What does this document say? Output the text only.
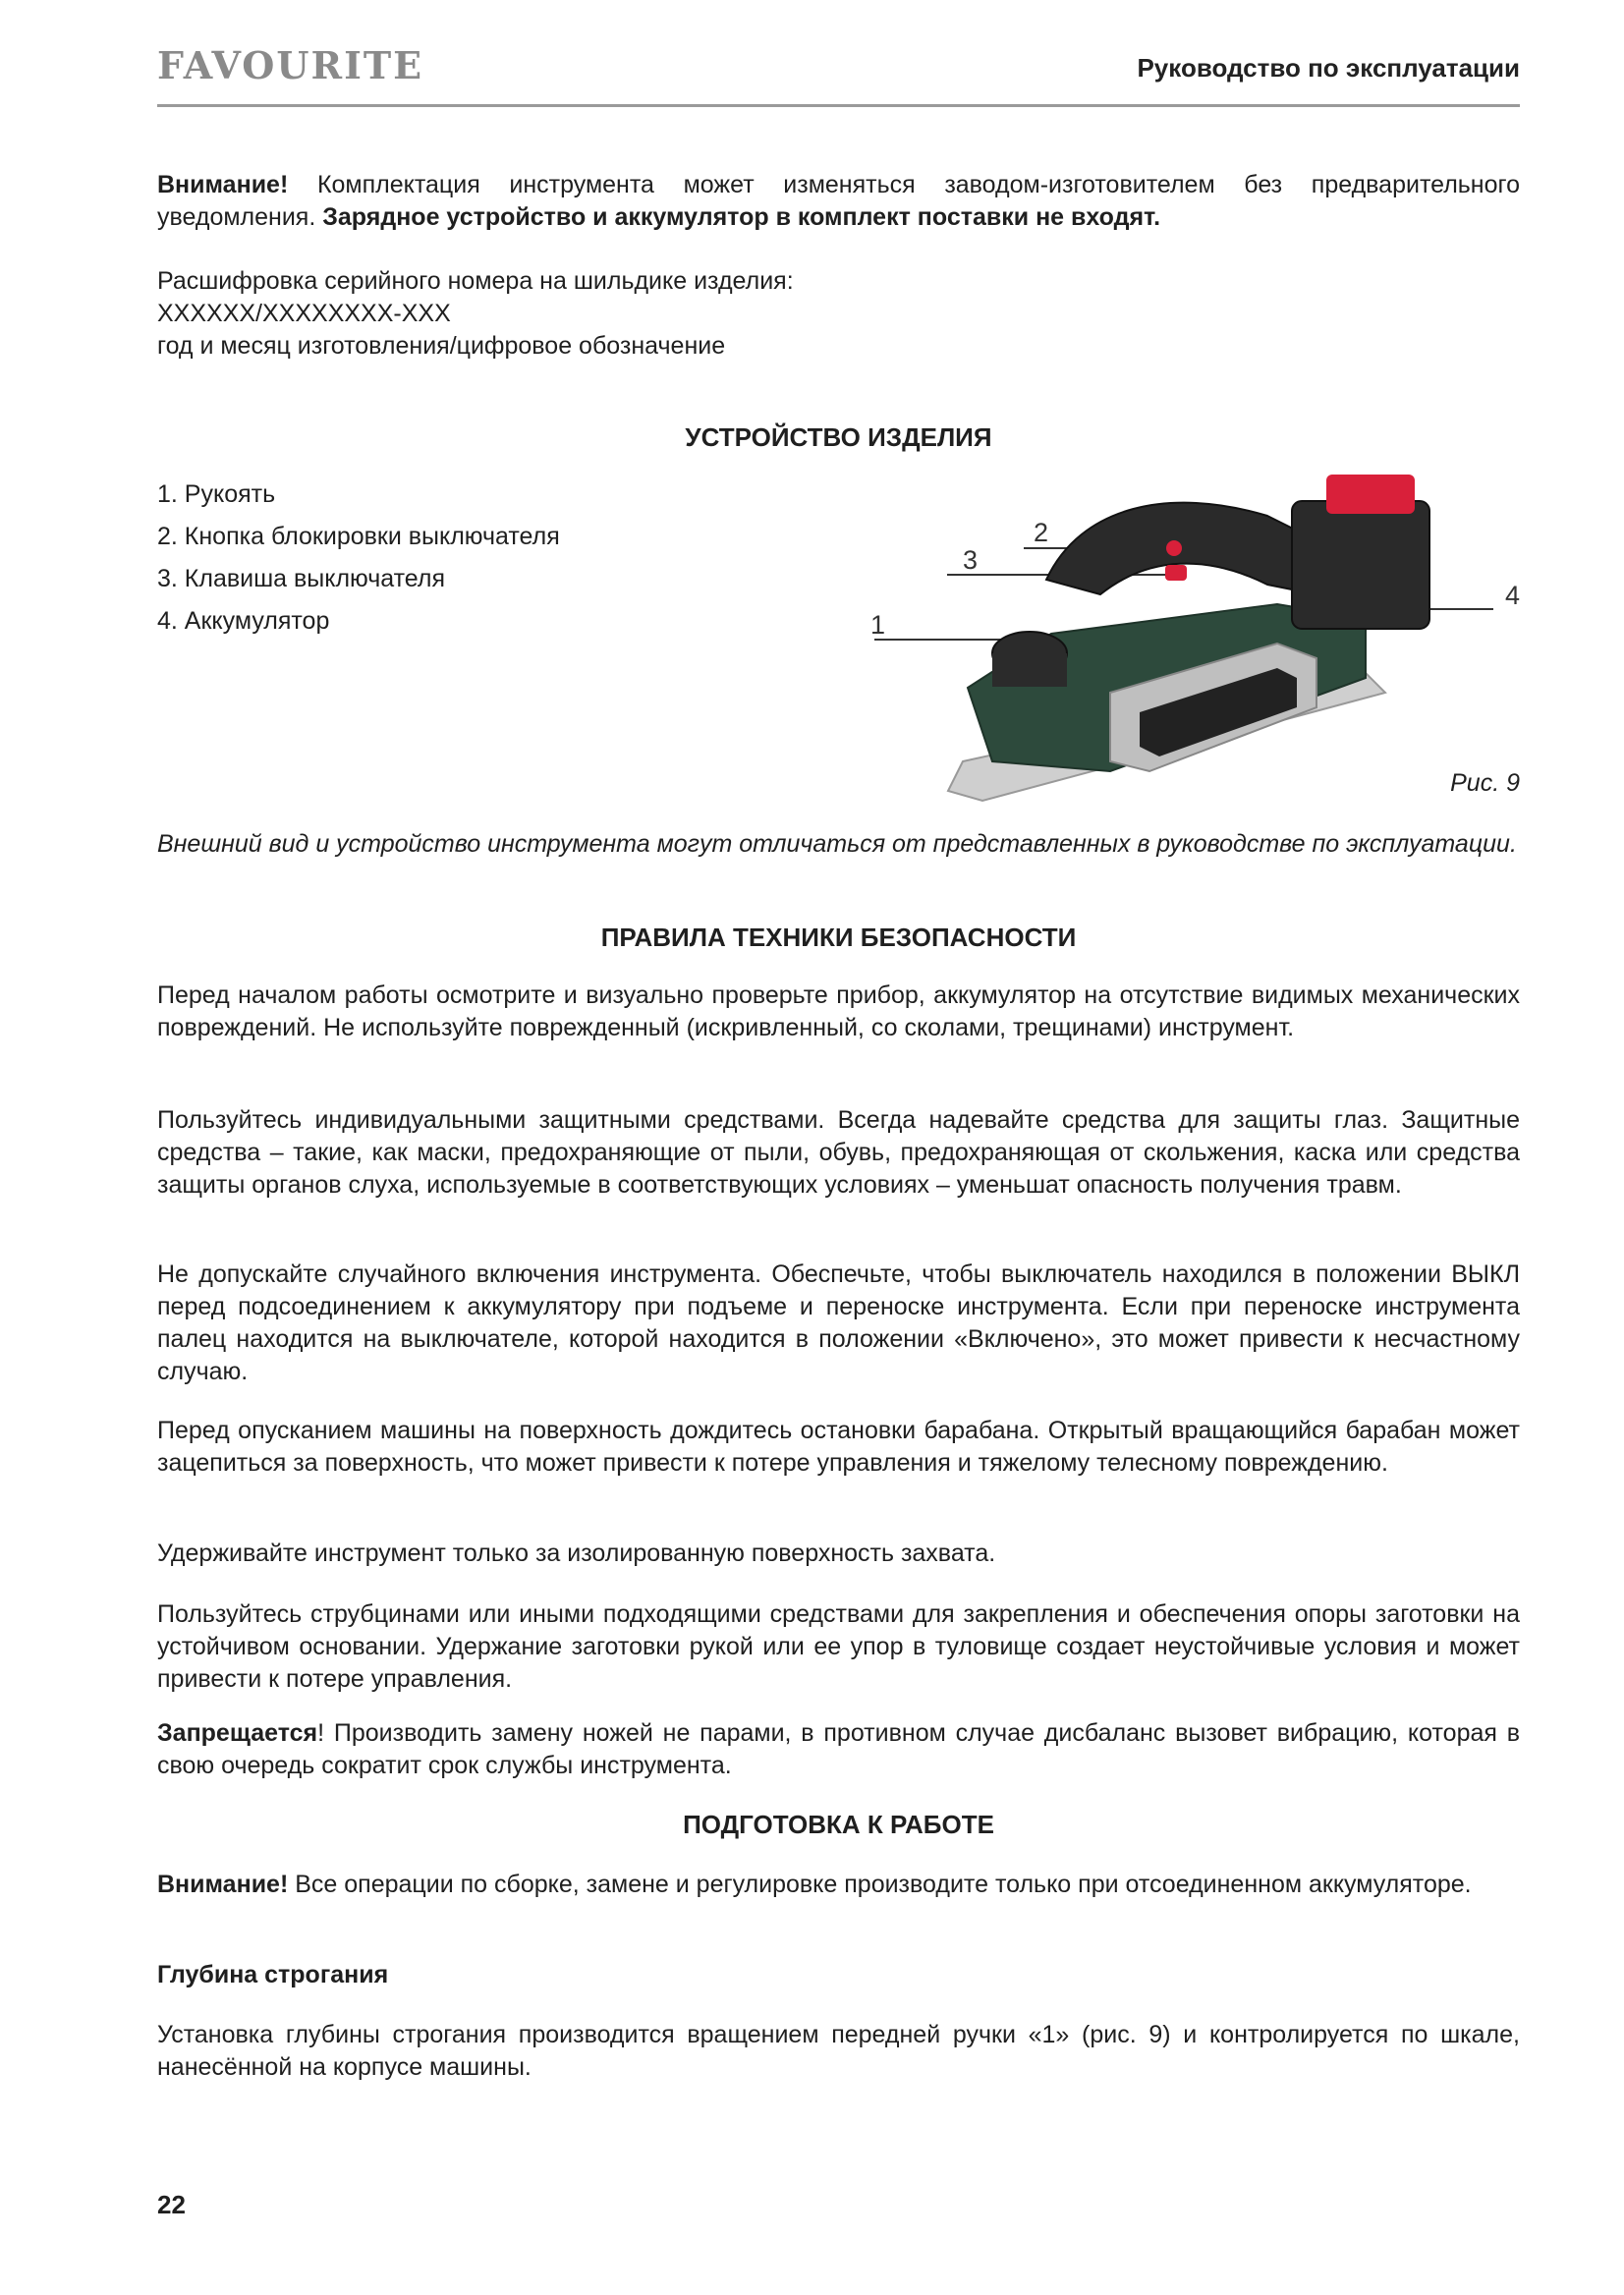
FAVOURITE	Руководство по эксплуатации

Внимание! Комплектация инструмента может изменяться заводом-изготовителем без предварительного уведомления. Зарядное устройство и аккумулятор в комплект поставки не входят.

Расшифровка серийного номера на шильдике изделия:
XXXXXX/XXXXXXXX-XXX
год и месяц изготовления/цифровое обозначение
УСТРОЙСТВО ИЗДЕЛИЯ
1. Рукоять
2. Кнопка блокировки выключателя
3. Клавиша выключателя
4. Аккумулятор	1
2
3
4
Рис. 9

Внешний вид и устройство инструмента могут отличаться от представленных в руководстве по эксплуатации.

ПРАВИЛА ТЕХНИКИ БЕЗОПАСНОСТИ

Перед началом работы осмотрите и визуально проверьте прибор, аккумулятор на отсутствие видимых механических повреждений. Не используйте поврежденный (искривленный, со сколами, трещинами) инструмент.

Пользуйтесь индивидуальными защитными средствами. Всегда надевайте средства для защиты глаз. Защитные средства – такие, как маски, предохраняющие от пыли, обувь, предохраняющая от скольжения, каска или средства защиты органов слуха, используемые в соответствующих условиях – уменьшат опасность получения травм.

Не допускайте случайного включения инструмента. Обеспечьте, чтобы выключатель находился в положении ВЫКЛ перед подсоединением к аккумулятору при подъеме и переноске инструмента. Если при переноске инструмента палец находится на выключателе, которой находится в положении «Включено», это может привести к несчастному случаю.

Перед опусканием машины на поверхность дождитесь остановки барабана. Открытый вращающийся барабан может зацепиться за поверхность, что может привести к потере управления и тяжелому телесному повреждению.

Удерживайте инструмент только за изолированную поверхность захвата.

Пользуйтесь струбцинами или иными подходящими средствами для закрепления и обеспечения опоры заготовки на устойчивом основании. Удержание заготовки рукой или ее упор в туловище создает неустойчивые условия и может привести к потере управления.

Запрещается! Производить замену ножей не парами, в противном случае дисбаланс вызовет вибрацию, которая в свою очередь сократит срок службы инструмента.

ПОДГОТОВКА К РАБОТЕ

Внимание! Все операции по сборке, замене и регулировке производите только при отсоединенном аккумуляторе.

Глубина строгания

Установка глубины строгания производится вращением передней ручки «1» (рис. 9) и контролируется по шкале, нанесённой на корпусе машины.

22
